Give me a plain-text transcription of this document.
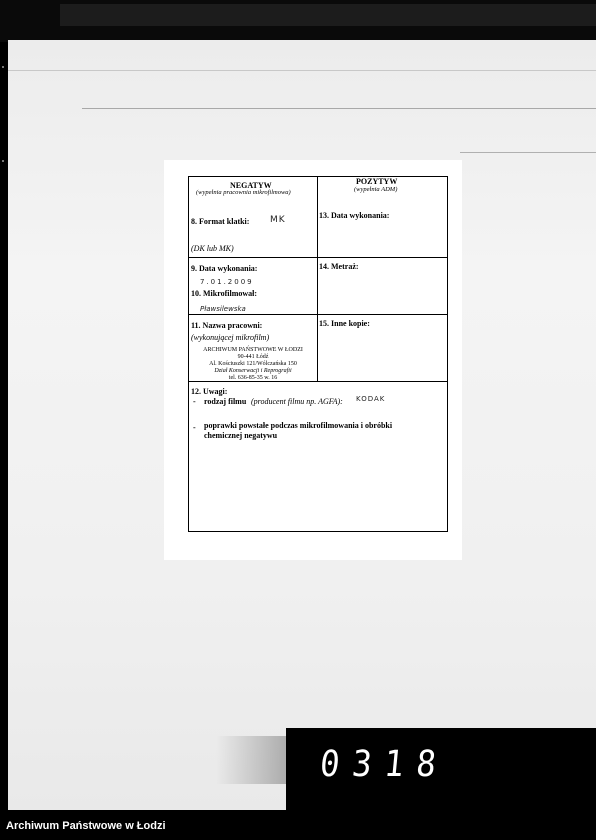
NEGATYW
(wypełnia pracownia mikrofilmowa)
POZYTYW
(wypełnia ADM)
8. Format klatki: MK
(DK lub MK)
13. Data wykonania:
9. Data wykonania:
7.01.2009
10. Mikrofilmował:
Pławsilewska
14. Metraż:
11. Nazwa pracowni:
(wykonującej mikrofilm)
15. Inne kopie:
ARCHIWUM PAŃSTWOWE W ŁODZI
90-441 Łódź
Al. Kościuszki 121/Wólczańska 150
Dział Konserwacji i Reprografii
tel. 636-85-35 w. 16
12. Uwagi:
- rodzaj filmu (producent filmu np. AGFA): KODAK
- poprawki powstałe podczas mikrofilmowania i obróbki
chemicznej negatywu
0318
Archiwum Państwowe w Łodzi
